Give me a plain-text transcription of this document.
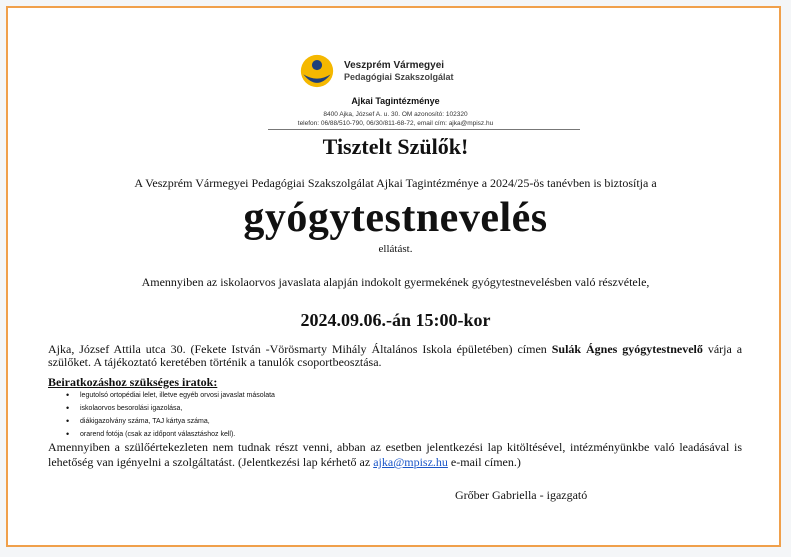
Veszprém Vármegyei
Pedagógiai Szakszolgálat
Ajkai Tagintézménye
8400 Ajka, József A. u. 30. OM azonosító: 102320
telefon: 06/88/510-790, 06/30/811-68-72, email cím: ajka@mpisz.hu
Tisztelt Szülők!
A Veszprém Vármegyei Pedagógiai Szakszolgálat Ajkai Tagintézménye a 2024/25-ös tanévben is biztosítja a
gyógytestnevelés
ellátást.
Amennyiben az iskolaorvos javaslata alapján indokolt gyermekének gyógytestnevelésben való részvétele,
2024.09.06.-án 15:00-kor
Ajka, József Attila utca 30. (Fekete István -Vörösmarty Mihály Általános Iskola épületében) címen Sulák Ágnes gyógytestnevelő várja a szülőket. A tájékoztató keretében történik a tanulók csoportbeosztása.
Beiratkozáshoz szükséges iratok:
• legutolsó ortopédiai lelet, illetve egyéb orvosi javaslat másolata
• iskolaorvos besorolási igazolása,
• diákigazolvány száma, TAJ kártya száma,
• orarend fotója (csak az időpont választáshoz kell).
Amennyiben a szülőértekezleten nem tudnak részt venni, abban az esetben jelentkezési lap kitöltésével, intézményünkbe való leadásával is lehetőség van igényelni a szolgáltatást. (Jelentkezési lap kérhető az ajka@mpisz.hu e-mail címen.)
Grőber Gabriella - igazgató
